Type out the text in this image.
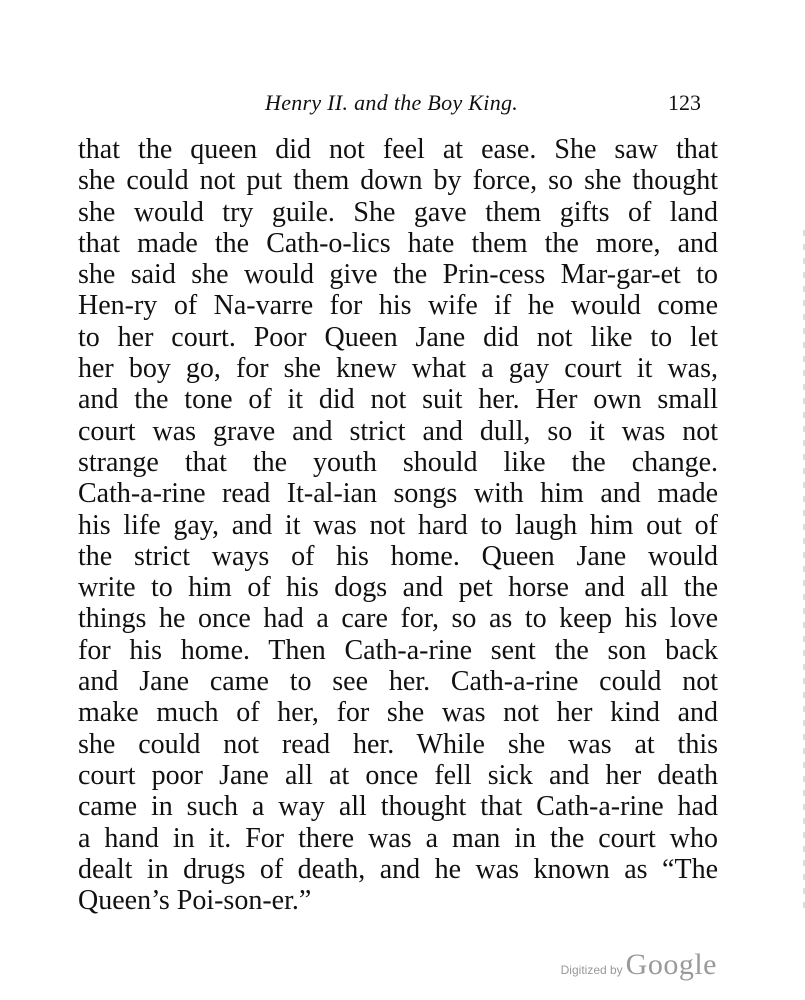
Henry II. and the Boy King.	123
that the queen did not feel at ease. She saw that
she could not put them down by force, so she thought
she would try guile. She gave them gifts of land
that made the Cath-o-lics hate them the more, and
she said she would give the Prin-cess Mar-gar-et to
Hen-ry of Na-varre for his wife if he would come
to her court. Poor Queen Jane did not like to let
her boy go, for she knew what a gay court it was,
and the tone of it did not suit her. Her own small
court was grave and strict and dull, so it was not
strange that the youth should like the change.
Cath-a-rine read It-al-ian songs with him and made
his life gay, and it was not hard to laugh him out of
the strict ways of his home. Queen Jane would
write to him of his dogs and pet horse and all the
things he once had a care for, so as to keep his love
for his home. Then Cath-a-rine sent the son back
and Jane came to see her. Cath-a-rine could not
make much of her, for she was not her kind and
she could not read her. While she was at this
court poor Jane all at once fell sick and her death
came in such a way all thought that Cath-a-rine had
a hand in it. For there was a man in the court who
dealt in drugs of death, and he was known as “The
Queen’s Poi-son-er.”
Digitized by Google
